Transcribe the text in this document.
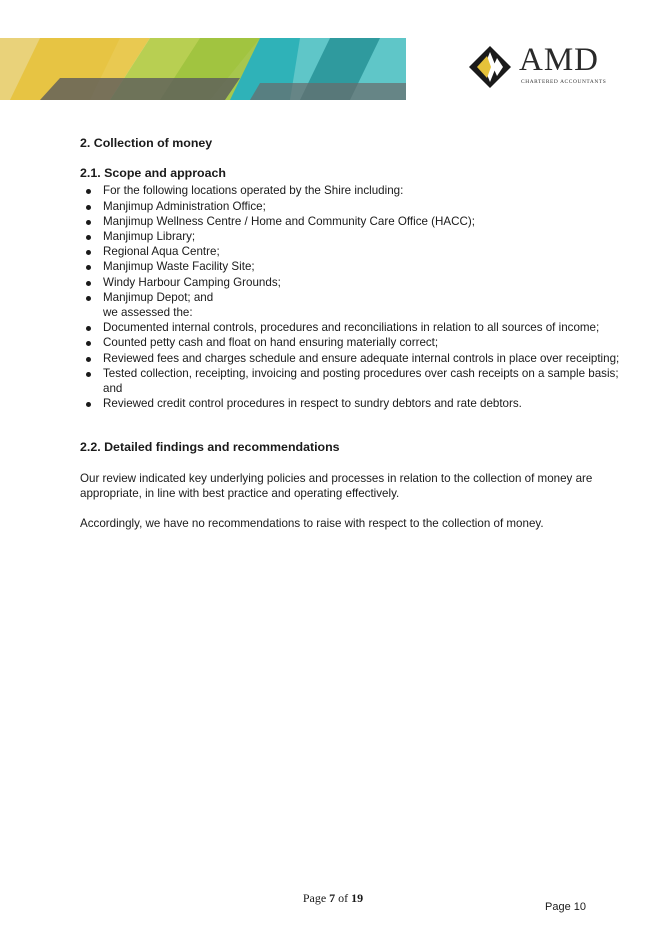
AMD
CHARTERED ACCOUNTANTS

2. Collection of money

2.1. Scope and approach

For the following locations operated by the Shire including:
Manjimup Administration Office;
Manjimup Wellness Centre / Home and Community Care Office (HACC);
Manjimup Library;
Regional Aqua Centre;
Manjimup Waste Facility Site;
Windy Harbour Camping Grounds;
Manjimup Depot; and

we assessed the:

Documented internal controls, procedures and reconciliations in relation to all sources of income;
Counted petty cash and float on hand ensuring materially correct;
Reviewed fees and charges schedule and ensure adequate internal controls in place over receipting;
Tested collection, receipting, invoicing and posting procedures over cash receipts on a sample basis; and
Reviewed credit control procedures in respect to sundry debtors and rate debtors.

2.2. Detailed findings and recommendations

Our review indicated key underlying policies and processes in relation to the collection of money are appropriate, in line with best practice and operating effectively.

Accordingly, we have no recommendations to raise with respect to the collection of money.

Page 7 of 19
Page 10
